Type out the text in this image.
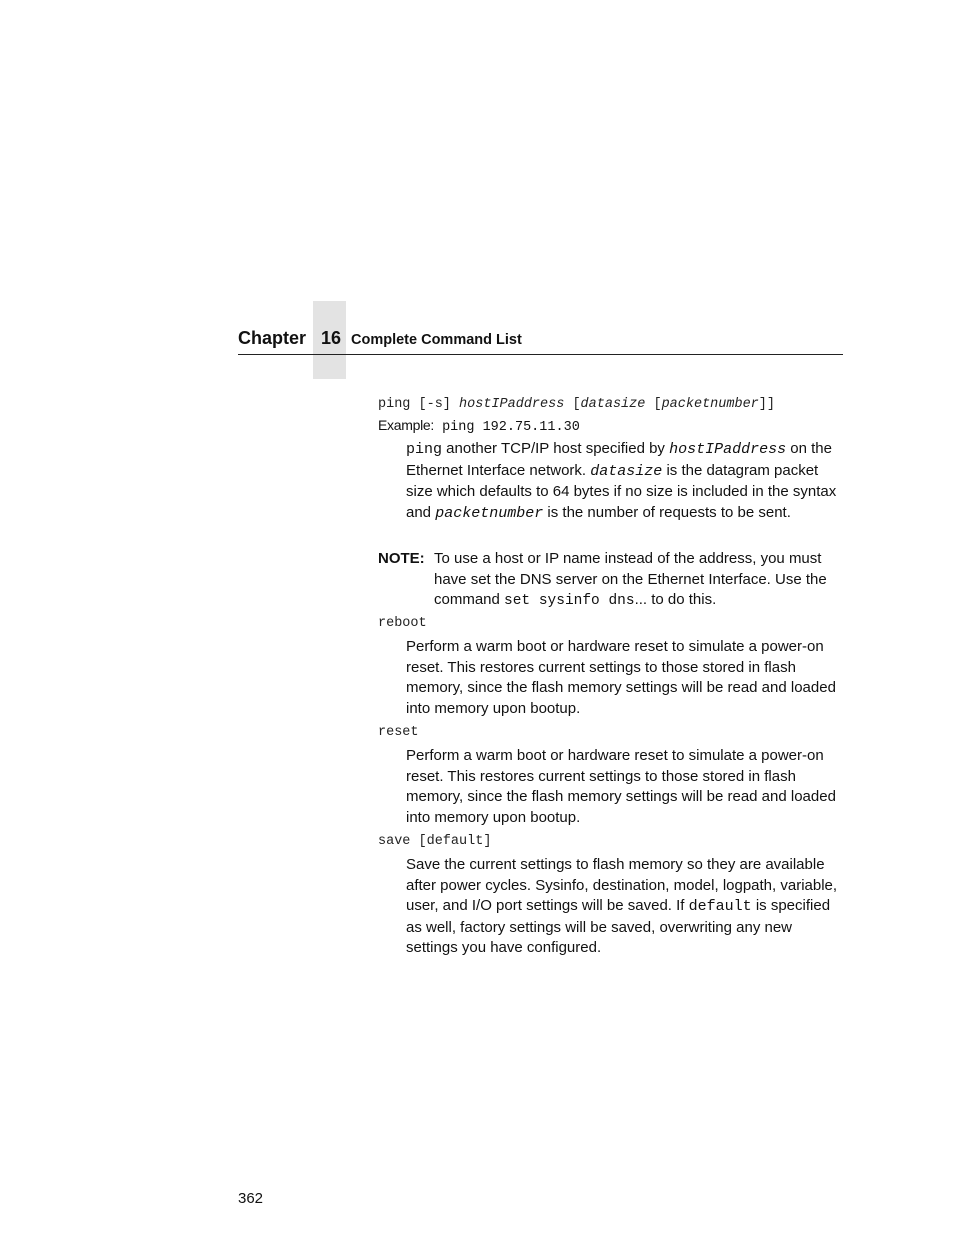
Chapter 16 Complete Command List
ping [-s] hostIPaddress [datasize [packetnumber]]
Example: ping 192.75.11.30
ping another TCP/IP host specified by hostIPaddress on the Ethernet Interface network. datasize is the datagram packet size which defaults to 64 bytes if no size is included in the syntax and packetnumber is the number of requests to be sent.
NOTE: To use a host or IP name instead of the address, you must have set the DNS server on the Ethernet Interface. Use the command set sysinfo dns... to do this.
reboot
Perform a warm boot or hardware reset to simulate a power-on reset. This restores current settings to those stored in flash memory, since the flash memory settings will be read and loaded into memory upon bootup.
reset
Perform a warm boot or hardware reset to simulate a power-on reset. This restores current settings to those stored in flash memory, since the flash memory settings will be read and loaded into memory upon bootup.
save [default]
Save the current settings to flash memory so they are available after power cycles. Sysinfo, destination, model, logpath, variable, user, and I/O port settings will be saved. If default is specified as well, factory settings will be saved, overwriting any new settings you have configured.
362
